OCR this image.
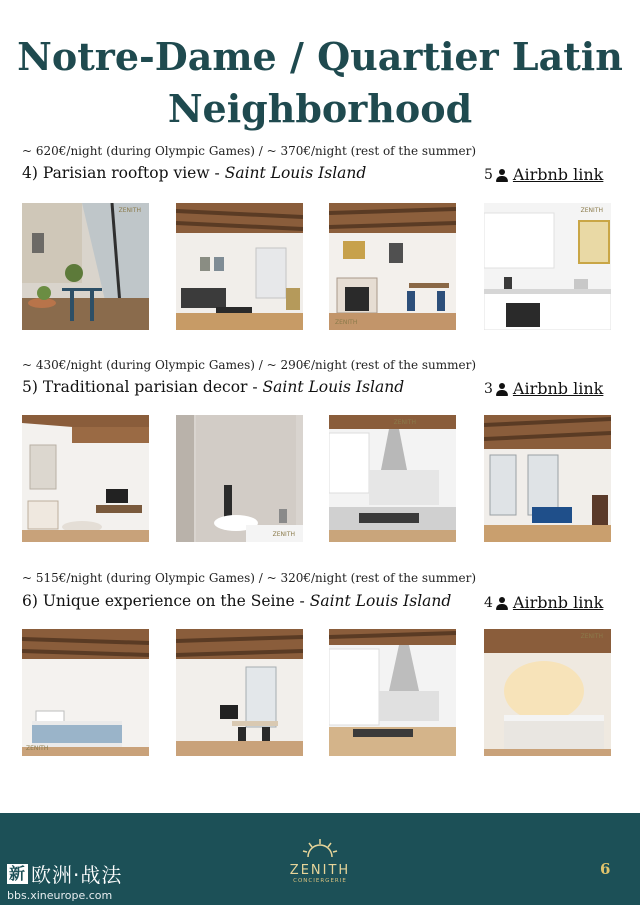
Notre-Dame / Quartier Latin
Neighborhood
~ 620€/night (during Olympic Games) / ~ 370€/night (rest of the summer)
4) Parisian rooftop view - Saint Louis Island	5 Airbnb link
ZENITH
ZENITH
ZENITH
~ 430€/night (during Olympic Games) / ~ 290€/night (rest of the summer)
5) Traditional parisian decor - Saint Louis Island	3 Airbnb link
ZENITH
ZENITH
~ 515€/night (during Olympic Games) / ~ 320€/night (rest of the summer)
6) Unique experience on the Seine - Saint Louis Island 4 Airbnb link
ZENITH
ZENITH
新 欧洲·战法
bbs.xineurope.com
ZENITH
CONCIERGERIE
6
